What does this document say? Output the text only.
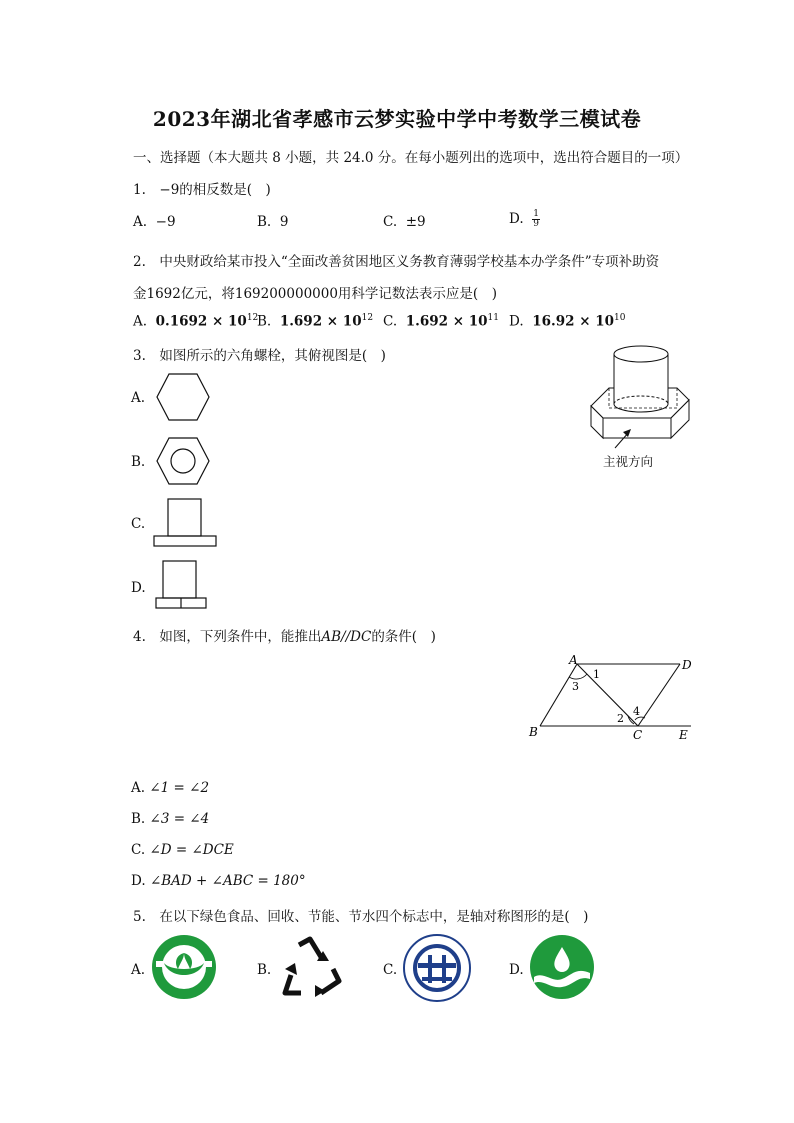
2023年湖北省孝感市云梦实验中学中考数学三模试卷
一、选择题（本大题共 8 小题，共 24.0 分。在每小题列出的选项中，选出符合题目的一项）
1.　−9的相反数是(　)
A. −9	B. 9	C. ±9	D. $\frac{1}{9}$
2.　中央财政给某市投入“全面改善贫困地区义务教育薄弱学校基本办学条件”专项补助资
金1692亿元，将169200000000用科学记数法表示应是(　)
A. $0.1692 \times 10^{12}$
B. $1.692 \times 10^{12}$ C. $1.692 \times 10^{11}$ D. $16.92 \times 10^{10}$
3.　如图所示的六角螺栓，其俯视图是(　)
A.
B.
C.
D.
主视方向
4.　如图，下列条件中，能推出AB//DC的条件(　)
A	D
B	C	E
1
2
3
4
A. ∠1 = ∠2
B. ∠3 = ∠4
C. ∠D = ∠DCE
D. ∠BAD + ∠ABC = 180°
5.　在以下绿色食品、回收、节能、节水四个标志中，是轴对称图形的是(　)
A.	B.	C.	D.
